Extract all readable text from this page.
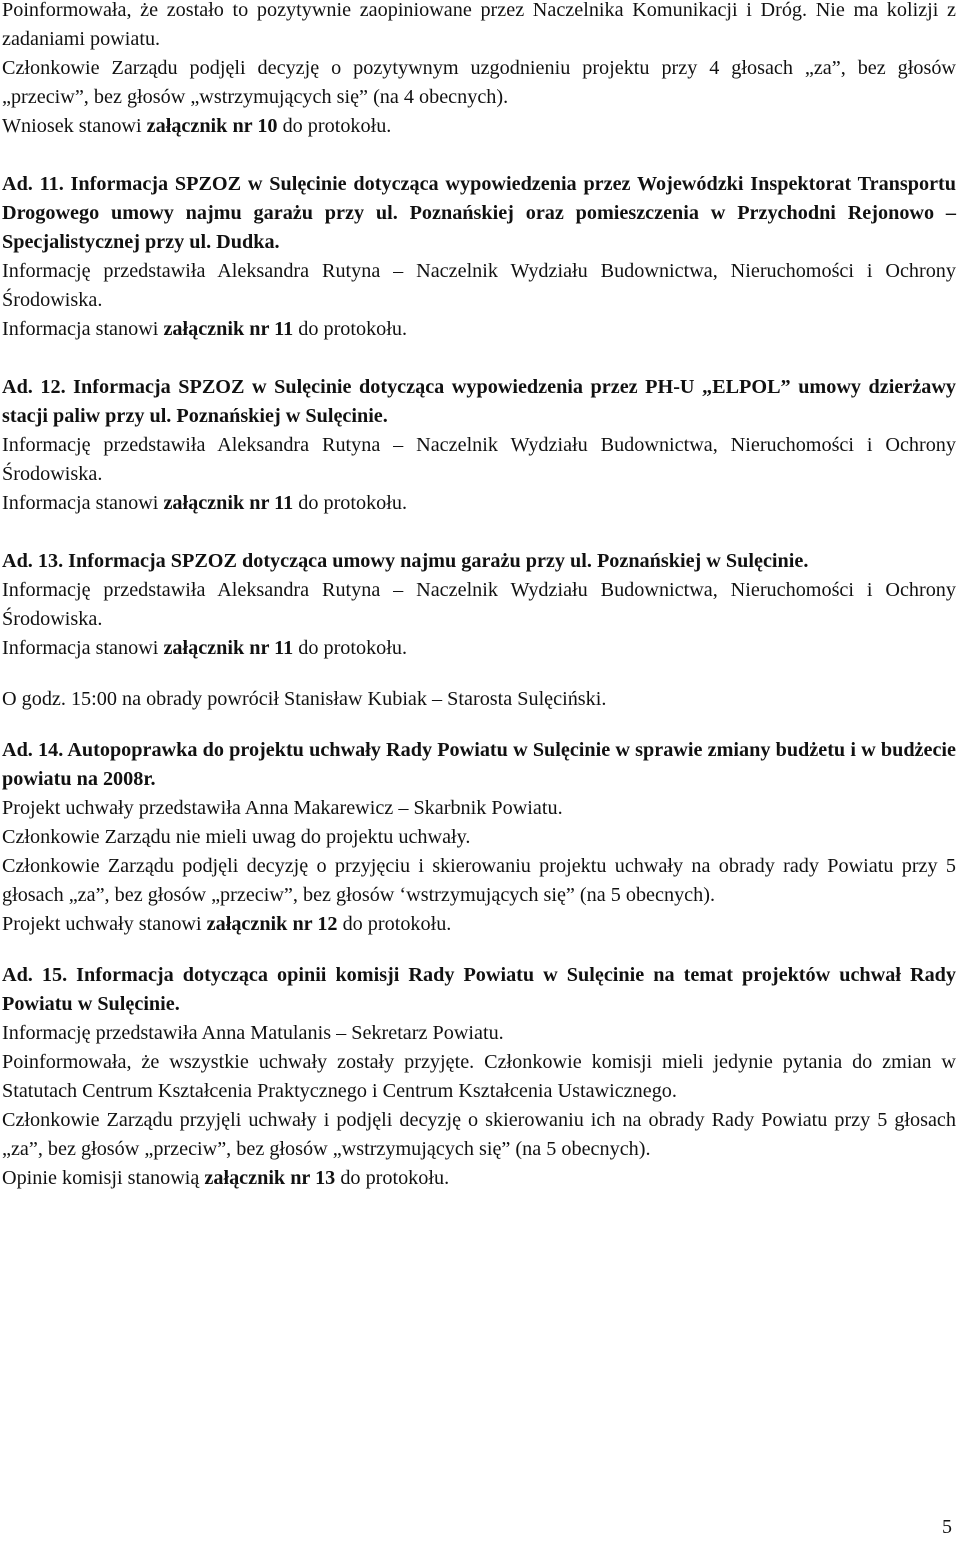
Poinformowała, że zostało to pozytywnie zaopiniowane przez Naczelnika Komunikacji i Dróg. Nie ma kolizji z zadaniami powiatu.

Członkowie Zarządu podjęli decyzję o pozytywnym uzgodnieniu projektu przy 4 głosach „za”, bez głosów „przeciw”, bez głosów „wstrzymujących się” (na 4 obecnych).

Wniosek stanowi załącznik nr 10 do protokołu.

Ad. 11. Informacja SPZOZ w Sulęcinie dotycząca wypowiedzenia przez Wojewódzki Inspektorat Transportu Drogowego umowy najmu garażu przy ul. Poznańskiej oraz pomieszczenia w Przychodni Rejonowo – Specjalistycznej przy ul. Dudka.

Informację przedstawiła Aleksandra Rutyna – Naczelnik Wydziału Budownictwa, Nieruchomości i Ochrony Środowiska.

Informacja stanowi załącznik nr 11 do protokołu.

Ad. 12. Informacja SPZOZ w Sulęcinie dotycząca wypowiedzenia przez PH-U „ELPOL” umowy dzierżawy stacji paliw przy ul. Poznańskiej w Sulęcinie.

Informację przedstawiła Aleksandra Rutyna – Naczelnik Wydziału Budownictwa, Nieruchomości i Ochrony Środowiska.

Informacja stanowi załącznik nr 11 do protokołu.

Ad. 13. Informacja SPZOZ dotycząca umowy najmu garażu przy ul. Poznańskiej w Sulęcinie.

Informację przedstawiła Aleksandra Rutyna – Naczelnik Wydziału Budownictwa, Nieruchomości i Ochrony Środowiska.

Informacja stanowi załącznik nr 11 do protokołu.

O godz. 15:00 na obrady powrócił Stanisław Kubiak – Starosta Sulęciński.

Ad. 14. Autopoprawka do projektu uchwały Rady Powiatu w Sulęcinie w sprawie zmiany budżetu i w budżecie powiatu na 2008r.

Projekt uchwały przedstawiła Anna Makarewicz – Skarbnik Powiatu.

Członkowie Zarządu nie mieli uwag do projektu uchwały.

Członkowie Zarządu podjęli decyzję o przyjęciu i skierowaniu projektu uchwały na obrady rady Powiatu przy 5 głosach „za”, bez głosów „przeciw”, bez głosów ‘wstrzymujących się” (na 5 obecnych).

Projekt uchwały stanowi załącznik nr 12 do protokołu.

Ad. 15. Informacja dotycząca opinii komisji Rady Powiatu w Sulęcinie na temat projektów uchwał Rady Powiatu w Sulęcinie.

Informację przedstawiła Anna Matulanis – Sekretarz Powiatu.

Poinformowała, że wszystkie uchwały zostały przyjęte. Członkowie komisji mieli jedynie pytania do zmian w Statutach Centrum Kształcenia Praktycznego i Centrum Kształcenia Ustawicznego.

Członkowie Zarządu przyjęli uchwały i podjęli decyzję o skierowaniu ich na obrady Rady Powiatu przy 5 głosach „za”, bez głosów „przeciw”, bez głosów „wstrzymujących się” (na 5 obecnych).

Opinie komisji stanowią załącznik nr 13 do protokołu.

5
